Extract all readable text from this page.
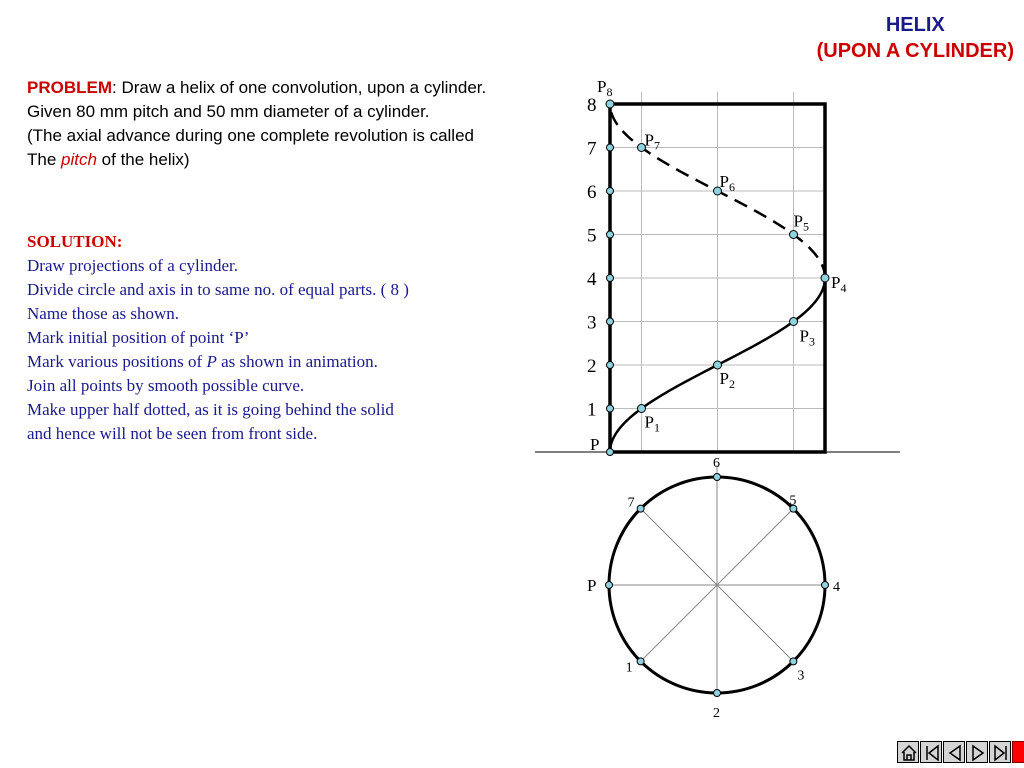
HELIX
(UPON A CYLINDER)
PROBLEM: Draw a helix of one convolution, upon a cylinder.
Given 80 mm pitch and 50 mm diameter of a cylinder.
(The axial advance during one complete revolution is called
The pitch of the helix)
SOLUTION:
Draw projections of a cylinder.
Divide circle and axis in to same no. of equal parts. ( 8 )
Name those as shown.
Mark initial position of point ‘P’
Mark various positions of P as shown in animation.
Join all points by smooth possible curve.
Make upper half dotted, as it is going behind the solid
and hence will not be seen from front side.
1
2
3
4
5
6
7
8
$P_1$
$P_2$
$P_3$
$P_4$
$P_5$
$P_6$
$P_7$
$P_8$
P
1
2
3
4
5
6
7
P
